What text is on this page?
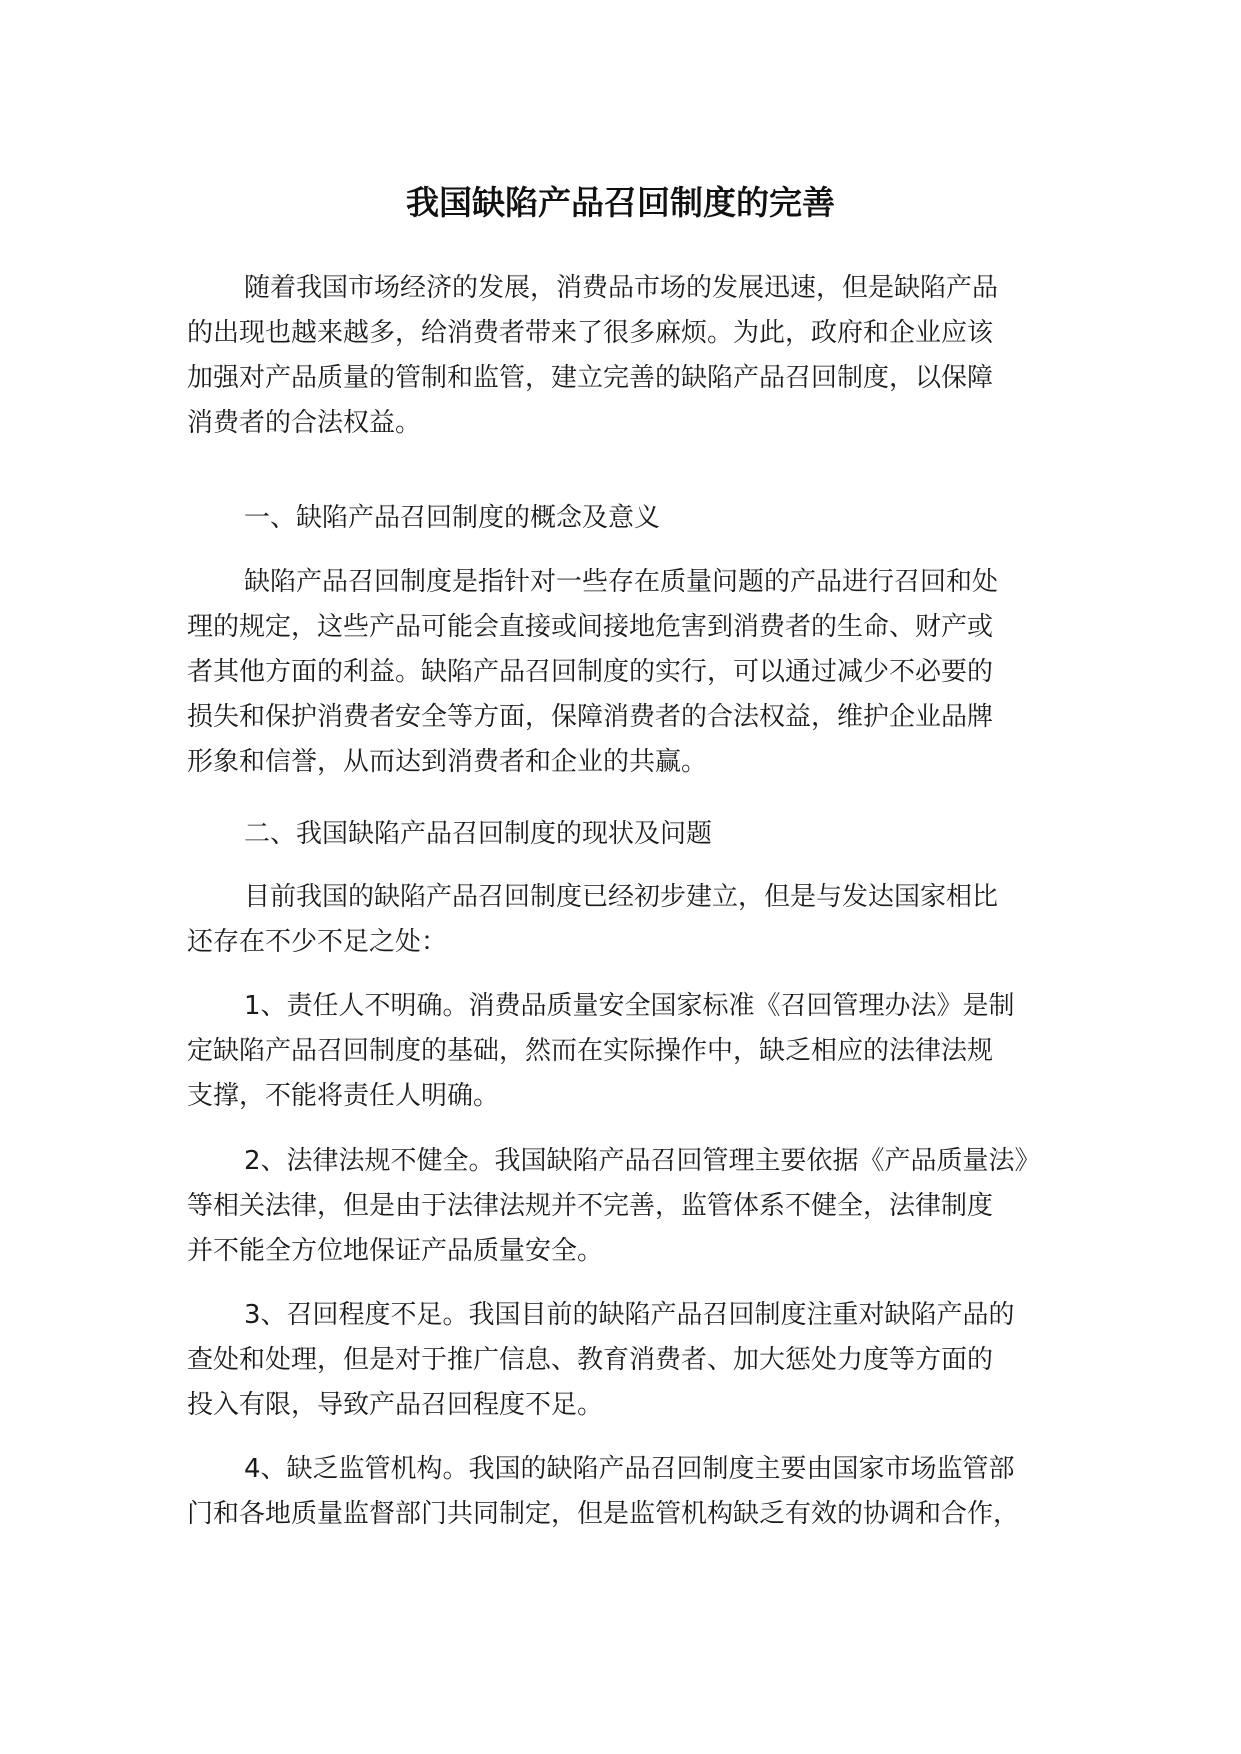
我国缺陷产品召回制度的完善

随着我国市场经济的发展，消费品市场的发展迅速，但是缺陷产品
的出现也越来越多，给消费者带来了很多麻烦。为此，政府和企业应该
加强对产品质量的管制和监管，建立完善的缺陷产品召回制度，以保障
消费者的合法权益。

一、缺陷产品召回制度的概念及意义

缺陷产品召回制度是指针对一些存在质量问题的产品进行召回和处
理的规定，这些产品可能会直接或间接地危害到消费者的生命、财产或
者其他方面的利益。缺陷产品召回制度的实行，可以通过减少不必要的
损失和保护消费者安全等方面，保障消费者的合法权益，维护企业品牌
形象和信誉，从而达到消费者和企业的共赢。

二、我国缺陷产品召回制度的现状及问题

目前我国的缺陷产品召回制度已经初步建立，但是与发达国家相比
还存在不少不足之处：

1、责任人不明确。消费品质量安全国家标准《召回管理办法》是制
定缺陷产品召回制度的基础，然而在实际操作中，缺乏相应的法律法规
支撑，不能将责任人明确。

2、法律法规不健全。我国缺陷产品召回管理主要依据《产品质量法》
等相关法律，但是由于法律法规并不完善，监管体系不健全，法律制度
并不能全方位地保证产品质量安全。

3、召回程度不足。我国目前的缺陷产品召回制度注重对缺陷产品的
查处和处理，但是对于推广信息、教育消费者、加大惩处力度等方面的
投入有限，导致产品召回程度不足。

4、缺乏监管机构。我国的缺陷产品召回制度主要由国家市场监管部
门和各地质量监督部门共同制定，但是监管机构缺乏有效的协调和合作，
